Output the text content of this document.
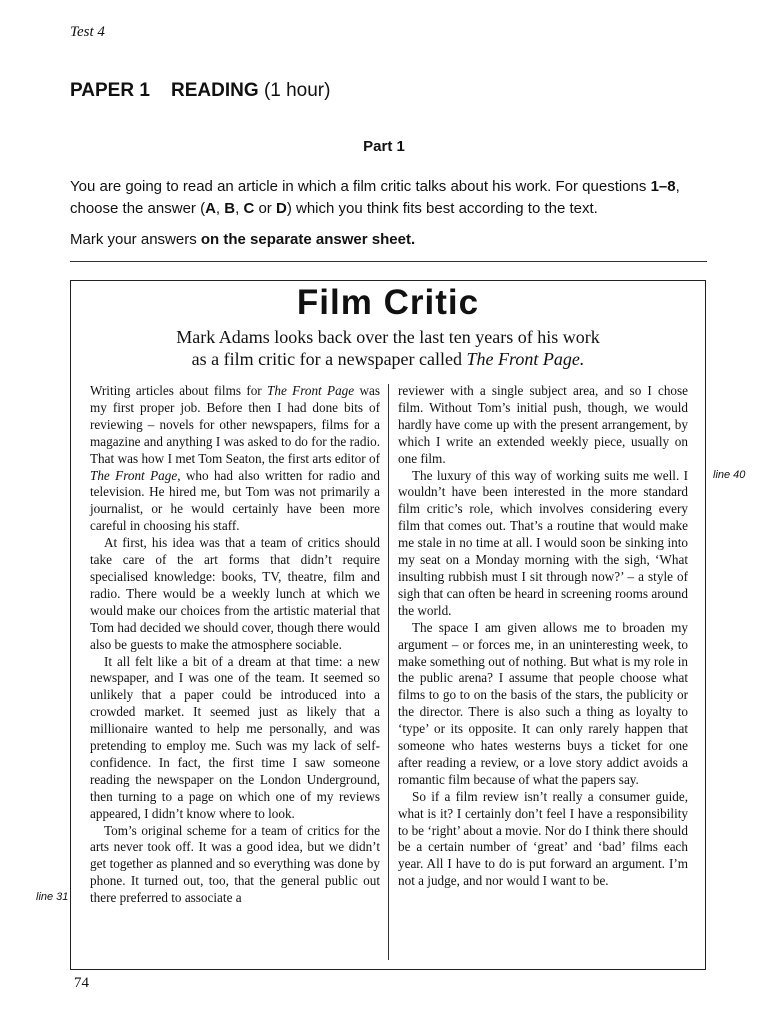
Test 4
PAPER 1 READING (1 hour)
Part 1
You are going to read an article in which a film critic talks about his work. For questions 1–8, choose the answer (A, B, C or D) which you think fits best according to the text.
Mark your answers on the separate answer sheet.
Film Critic
Mark Adams looks back over the last ten years of his work
as a film critic for a newspaper called The Front Page.

Writing articles about films for The Front Page was my first proper job. Before then I had done bits of reviewing – novels for other newspapers, films for a magazine and anything I was asked to do for the radio. That was how I met Tom Seaton, the first arts editor of The Front Page, who had also written for radio and television. He hired me, but Tom was not primarily a journalist, or he would certainly have been more careful in choosing his staff.

At first, his idea was that a team of critics should take care of the art forms that didn’t require specialised knowledge: books, TV, theatre, film and radio. There would be a weekly lunch at which we would make our choices from the artistic material that Tom had decided we should cover, though there would also be guests to make the atmosphere sociable.

It all felt like a bit of a dream at that time: a new newspaper, and I was one of the team. It seemed so unlikely that a paper could be introduced into a crowded market. It seemed just as likely that a millionaire wanted to help me personally, and was pretending to employ me. Such was my lack of self-confidence. In fact, the first time I saw someone reading the newspaper on the London Underground, then turning to a page on which one of my reviews appeared, I didn’t know where to look.

Tom’s original scheme for a team of critics for the arts never took off. It was a good idea, but we didn’t get together as planned and so everything was done by phone. It turned out, too, that the general public out there preferred to associate a

reviewer with a single subject area, and so I chose film. Without Tom’s initial push, though, we would hardly have come up with the present arrangement, by which I write an extended weekly piece, usually on one film.

The luxury of this way of working suits me well. I wouldn’t have been interested in the more standard film critic’s role, which involves considering every film that comes out. That’s a routine that would make me stale in no time at all. I would soon be sinking into my seat on a Monday morning with the sigh, ‘What insulting rubbish must I sit through now?’ – a style of sigh that can often be heard in screening rooms around the world.

The space I am given allows me to broaden my argument – or forces me, in an uninteresting week, to make something out of nothing. But what is my role in the public arena? I assume that people choose what films to go to on the basis of the stars, the publicity or the director. There is also such a thing as loyalty to ‘type’ or its opposite. It can only rarely happen that someone who hates westerns buys a ticket for one after reading a review, or a love story addict avoids a romantic film because of what the papers say.

So if a film review isn’t really a consumer guide, what is it? I certainly don’t feel I have a responsibility to be ‘right’ about a movie. Nor do I think there should be a certain number of ‘great’ and ‘bad’ films each year. All I have to do is put forward an argument. I’m not a judge, and nor would I want to be.

line 40
line 31
74
